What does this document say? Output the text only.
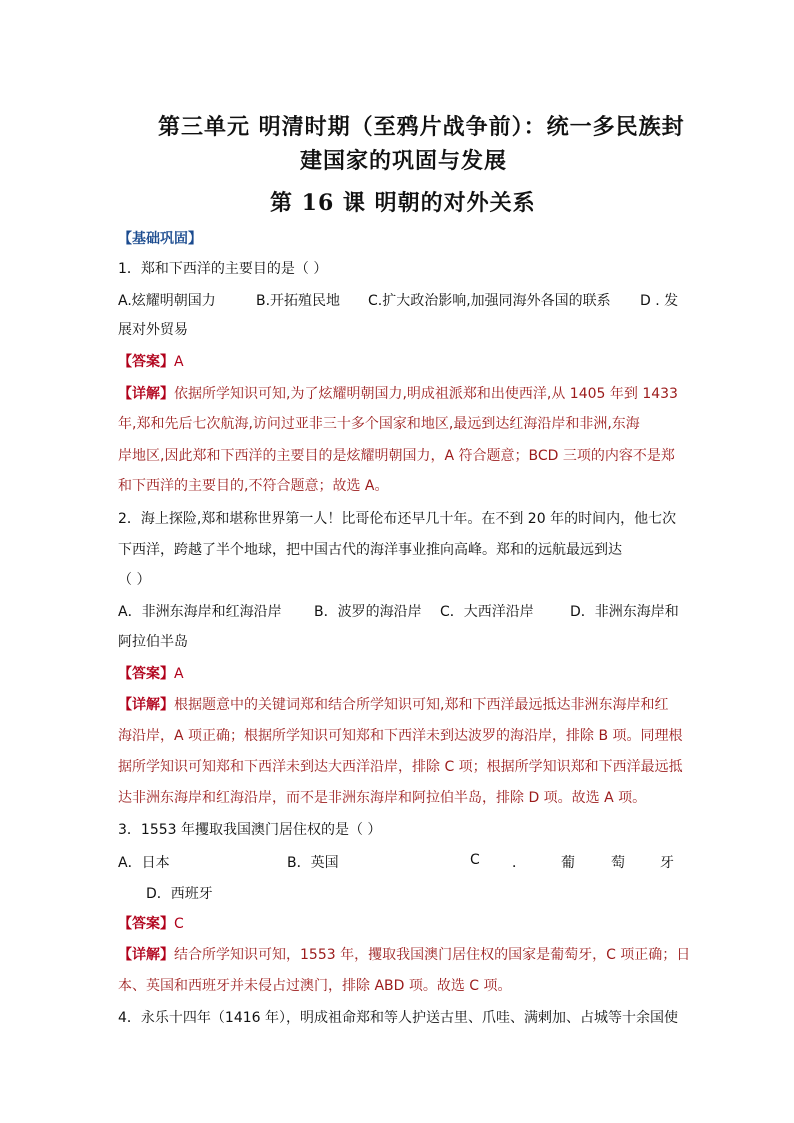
第三单元 明清时期（至鸦片战争前）：统一多民族封
建国家的巩固与发展
第 16 课 明朝的对外关系
【基础巩固】
1．郑和下西洋的主要目的是（ ）
A.炫耀明朝国力	B.开拓殖民地 C.扩大政治影响,加强同海外各国的联系 D . 发
展对外贸易
【答案】A
【详解】依据所学知识可知,为了炫耀明朝国力,明成祖派郑和出使西洋,从 1405 年到 1433
年,郑和先后七次航海,访问过亚非三十多个国家和地区,最远到达红海沿岸和非洲,东海
岸地区,因此郑和下西洋的主要目的是炫耀明朝国力，A 符合题意；BCD 三项的内容不是郑
和下西洋的主要目的,不符合题意；故选 A。
2．海上探险,郑和堪称世界第一人！比哥伦布还早几十年。在不到 20 年的时间内，他七次
下西洋，跨越了半个地球，把中国古代的海洋事业推向高峰。郑和的远航最远到达
（ ）
A．非洲东海岸和红海沿岸 B．波罗的海沿岸 C．大西洋沿岸	D．非洲东海岸和
阿拉伯半岛
【答案】A
【详解】根据题意中的关键词郑和结合所学知识可知,郑和下西洋最远抵达非洲东海岸和红
海沿岸，A 项正确；根据所学知识可知郑和下西洋未到达波罗的海沿岸，排除 B 项。同理根
据所学知识可知郑和下西洋未到达大西洋沿岸，排除 C 项；根据所学知识郑和下西洋最远抵
达非洲东海岸和红海沿岸，而不是非洲东海岸和阿拉伯半岛，排除 D 项。故选 A 项。
3．1553 年攫取我国澳门居住权的是（ ）
A．日本	B．英国	C ．	葡	萄	牙
D．西班牙
【答案】C
【详解】结合所学知识可知，1553 年，攫取我国澳门居住权的国家是葡萄牙，C 项正确；日
本、英国和西班牙并未侵占过澳门，排除 ABD 项。故选 C 项。
4．永乐十四年（1416 年），明成祖命郑和等人护送古里、爪哇、满剌加、占城等十余国使
